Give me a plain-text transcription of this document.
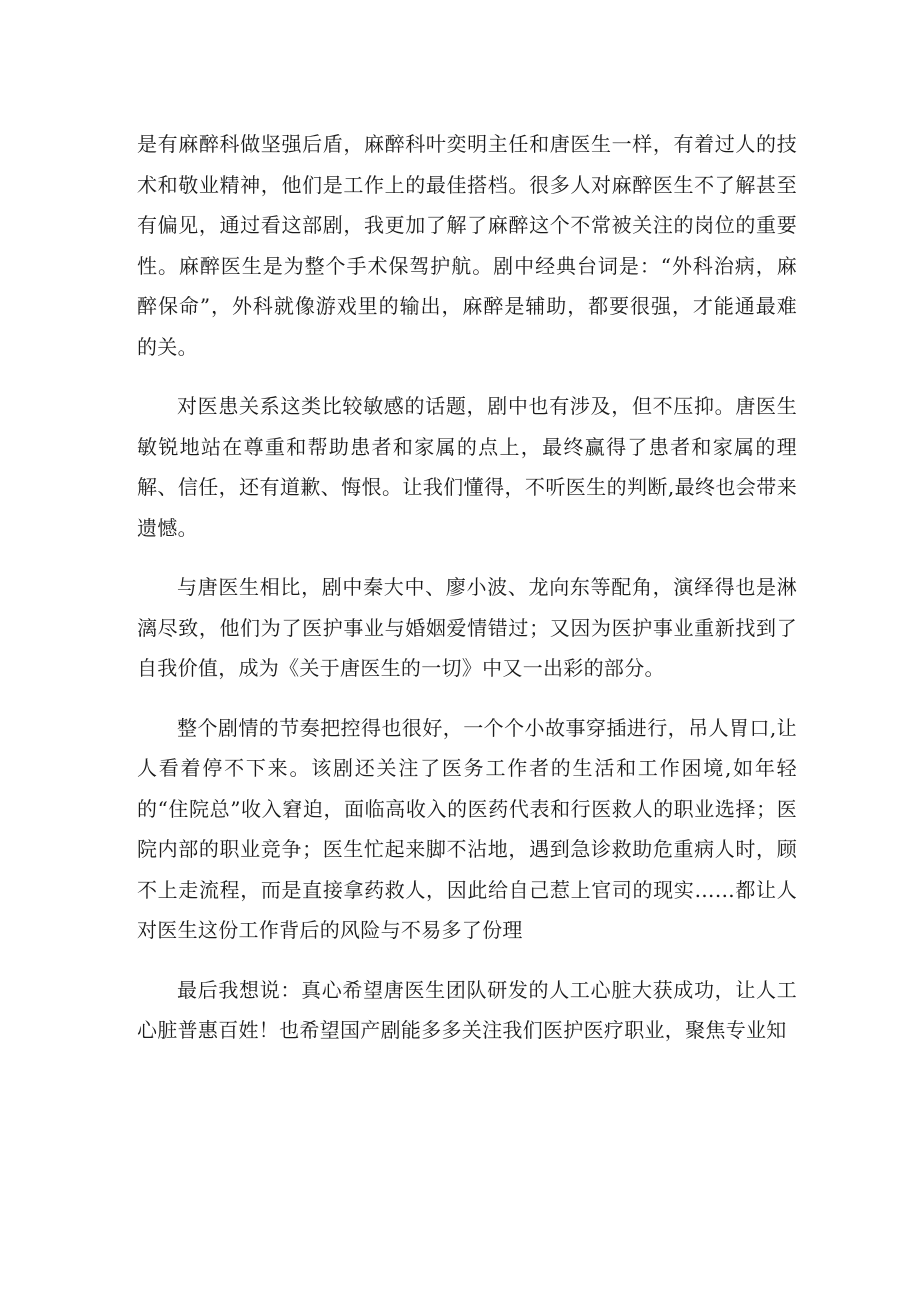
是有麻醉科做坚强后盾，麻醉科叶奕明主任和唐医生一样，有着过人的技术和敬业精神，他们是工作上的最佳搭档。很多人对麻醉医生不了解甚至有偏见，通过看这部剧，我更加了解了麻醉这个不常被关注的岗位的重要性。麻醉医生是为整个手术保驾护航。剧中经典台词是：“外科治病，麻醉保命”，外科就像游戏里的输出，麻醉是辅助，都要很强，才能通最难的关。

对医患关系这类比较敏感的话题，剧中也有涉及，但不压抑。唐医生敏锐地站在尊重和帮助患者和家属的点上，最终赢得了患者和家属的理解、信任，还有道歉、悔恨。让我们懂得，不听医生的判断,最终也会带来遗憾。

与唐医生相比，剧中秦大中、廖小波、龙向东等配角，演绎得也是淋漓尽致，他们为了医护事业与婚姻爱情错过；又因为医护事业重新找到了自我价值，成为《关于唐医生的一切》中又一出彩的部分。

整个剧情的节奏把控得也很好，一个个小故事穿插进行，吊人胃口,让人看着停不下来。该剧还关注了医务工作者的生活和工作困境,如年轻的“住院总”收入窘迫，面临高收入的医药代表和行医救人的职业选择；医院内部的职业竞争；医生忙起来脚不沾地，遇到急诊救助危重病人时，顾不上走流程，而是直接拿药救人，因此给自己惹上官司的现实……都让人对医生这份工作背后的风险与不易多了份理

最后我想说：真心希望唐医生团队研发的人工心脏大获成功，让人工心脏普惠百姓！也希望国产剧能多多关注我们医护医疗职业，聚焦专业知
